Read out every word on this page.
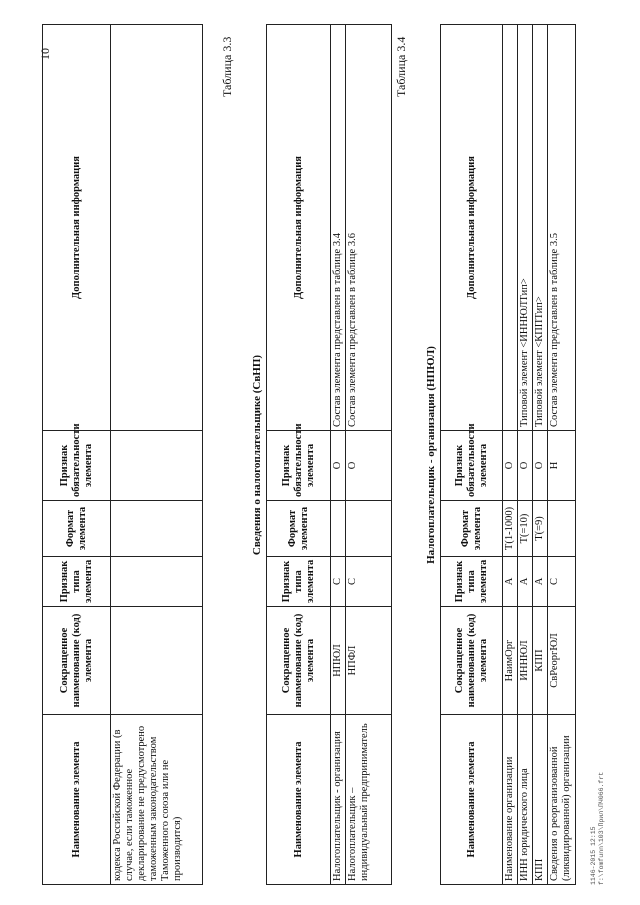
10
Наименование элемента	Сокращенное наименование (код) элемента	Признак типа элемента	Формат элемента	Признак обязательности элемента	Дополнительная информация
кодекса Российской Федерации (в случае, если таможенное декларирование не предусмотрено таможенным законодательством Таможенного союза или не производится)					
Таблица 3.3
Сведения о налогоплательщике (СвНП)
Наименование элемента	Сокращенное наименование (код) элемента	Признак типа элемента	Формат элемента	Признак обязательности элемента	Дополнительная информация
Налогоплательщик - организация	НПЮЛ	С		О	Состав элемента представлен в таблице 3.4
Налогоплательщик – индивидуальный предприниматель	НПФЛ	С		О	Состав элемента представлен в таблице 3.6
Таблица 3.4
Налогоплательщик - организация (НПЮЛ)
Наименование элемента	Сокращенное наименование (код) элемента	Признак типа элемента	Формат элемента	Признак обязательности элемента	Дополнительная информация
Наименование организации	НаимОрг	А	T(1-1000)	О	
ИНН юридического лица	ИННЮЛ	А	T(=10)	О	Типовой элемент <ИННЮЛТип>
КПП	КПП	А	T(=9)	О	Типовой элемент <КППТип>
Сведения о реорганизованной (ликвидированной) организации	СвРеоргЮЛ	С		Н	Состав элемента представлен в таблице 3.5
1146-2015 12:15 f:\fomfunn\103\Прил\ПЧ066.frt
